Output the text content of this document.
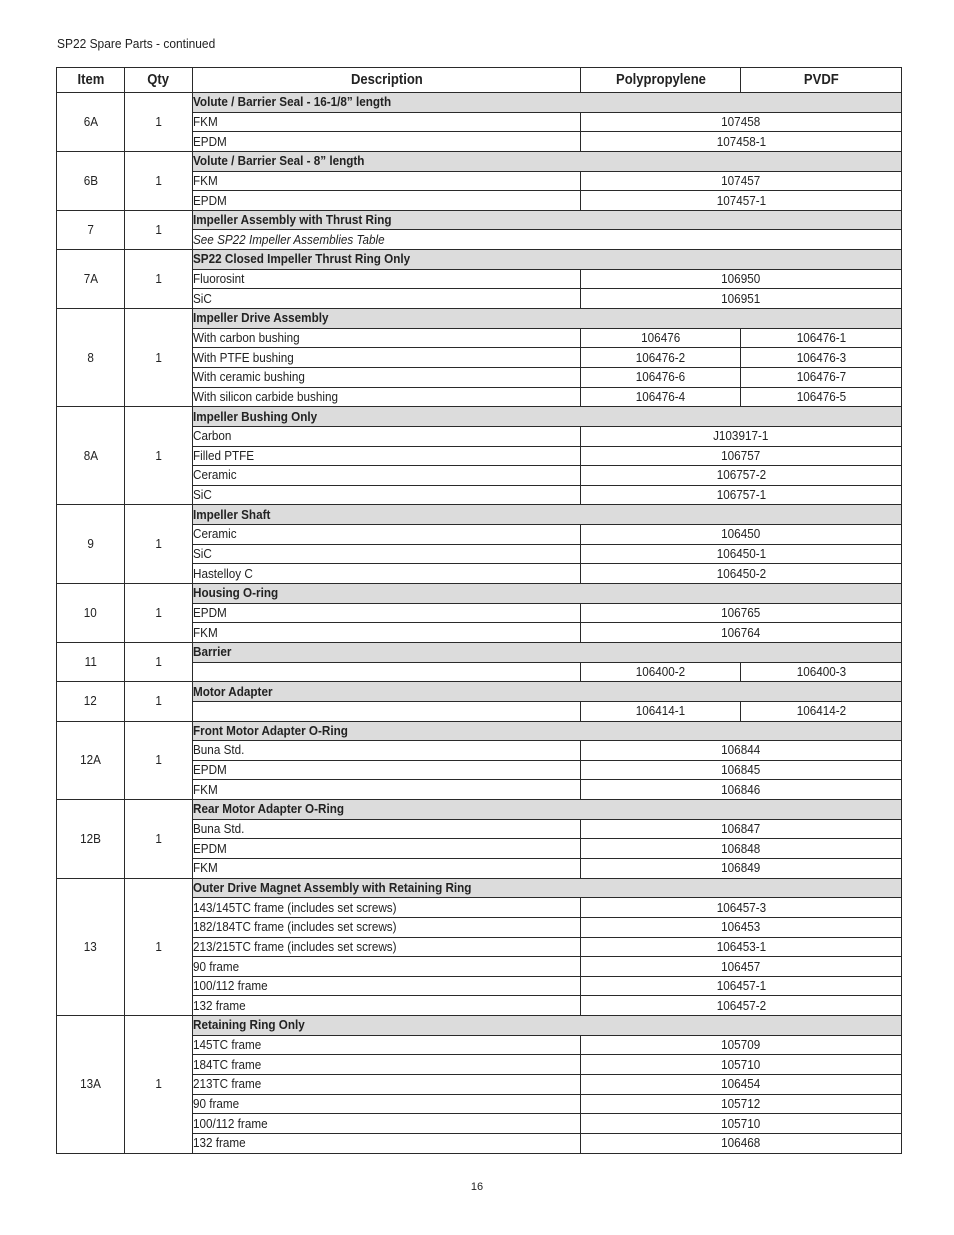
SP22 Spare Parts - continued
Item	Qty	Description	Polypropylene	PVDF
6A	1	Volute / Barrier Seal - 16-1/8” length		
		FKM	107458	
		EPDM	107458-1	
6B	1	Volute / Barrier Seal - 8” length		
		FKM	107457	
		EPDM	107457-1	
7	1	Impeller Assembly with Thrust Ring		
		See SP22 Impeller Assemblies Table		
7A	1	SP22 Closed Impeller Thrust Ring Only		
		Fluorosint	106950	
		SiC	106951	
8	1	Impeller Drive Assembly		
		With carbon bushing	106476	106476-1
		With PTFE bushing	106476-2	106476-3
		With ceramic bushing	106476-6	106476-7
		With silicon carbide bushing	106476-4	106476-5
8A	1	Impeller Bushing Only		
		Carbon	J103917-1	
		Filled PTFE	106757	
		Ceramic	106757-2	
		SiC	106757-1	
9	1	Impeller Shaft		
		Ceramic	106450	
		SiC	106450-1	
		Hastelloy C	106450-2	
10	1	Housing O-ring		
		EPDM	106765	
		FKM	106764	
11	1	Barrier		
			106400-2	106400-3
12	1	Motor Adapter		
			106414-1	106414-2
12A	1	Front Motor Adapter O-Ring		
		Buna Std.	106844	
		EPDM	106845	
		FKM	106846	
12B	1	Rear Motor Adapter O-Ring		
		Buna Std.	106847	
		EPDM	106848	
		FKM	106849	
13	1	Outer Drive Magnet Assembly with Retaining Ring		
		143/145TC frame (includes set screws)	106457-3	
		182/184TC frame (includes set screws)	106453	
		213/215TC frame (includes set screws)	106453-1	
		90 frame	106457	
		100/112 frame	106457-1	
		132 frame	106457-2	
13A	1	Retaining Ring Only		
		145TC frame	105709	
		184TC frame	105710	
		213TC frame	106454	
		90 frame	105712	
		100/112 frame	105710	
		132 frame	106468	
16
